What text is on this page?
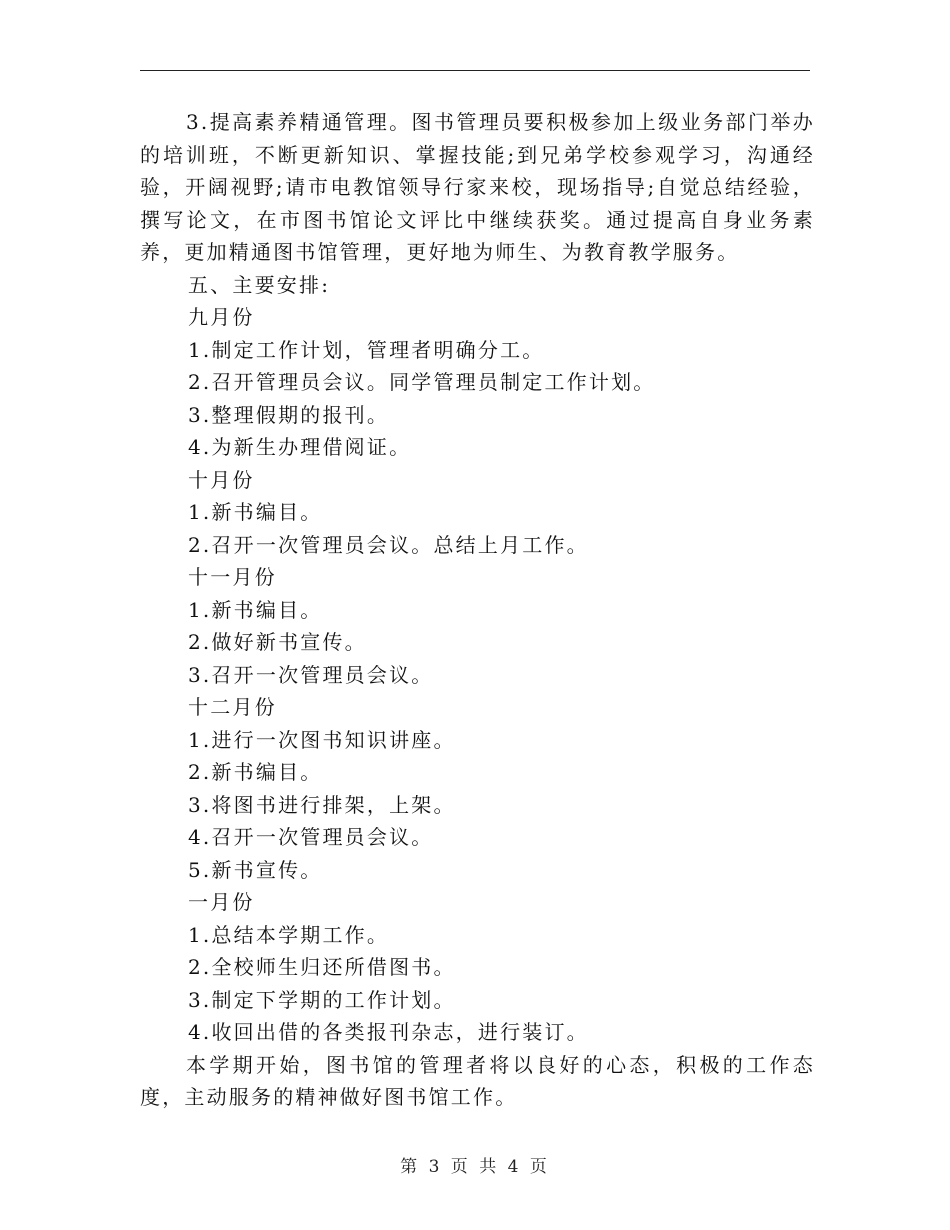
3.提高素养精通管理。图书管理员要积极参加上级业务部门举办的培训班，不断更新知识、掌握技能;到兄弟学校参观学习，沟通经验，开阔视野;请市电教馆领导行家来校，现场指导;自觉总结经验，撰写论文，在市图书馆论文评比中继续获奖。通过提高自身业务素养，更加精通图书馆管理，更好地为师生、为教育教学服务。

五、主要安排:

九月份

1.制定工作计划，管理者明确分工。

2.召开管理员会议。同学管理员制定工作计划。

3.整理假期的报刊。

4.为新生办理借阅证。

十月份

1.新书编目。

2.召开一次管理员会议。总结上月工作。

十一月份

1.新书编目。

2.做好新书宣传。

3.召开一次管理员会议。

十二月份

1.进行一次图书知识讲座。

2.新书编目。

3.将图书进行排架，上架。

4.召开一次管理员会议。

5.新书宣传。

一月份

1.总结本学期工作。

2.全校师生归还所借图书。

3.制定下学期的工作计划。

4.收回出借的各类报刊杂志，进行装订。

本学期开始，图书馆的管理者将以良好的心态，积极的工作态度，主动服务的精神做好图书馆工作。

第 3 页 共 4 页
